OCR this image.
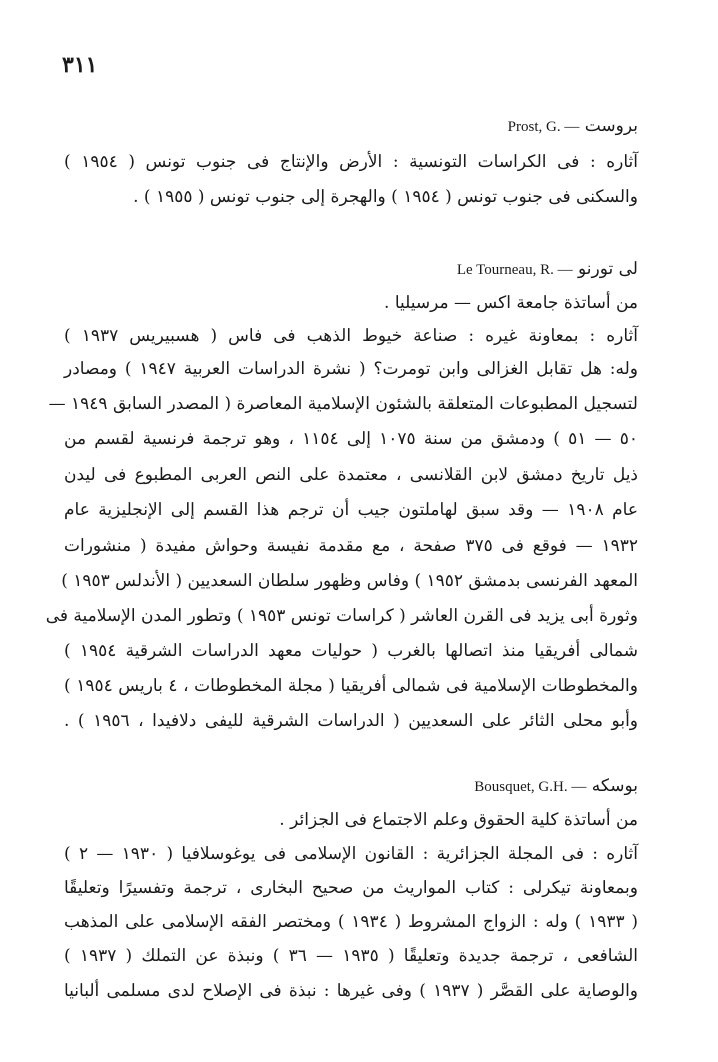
٣١١
بروست Prost, G. —
آثاره : فى الكراسات التونسية : الأرض والإنتاج فى جنوب تونس ( ١٩٥٤ )
والسكنى فى جنوب تونس ( ١٩٥٤ ) والهجرة إلى جنوب تونس ( ١٩٥٥ ) .
لى تورنو Le Tourneau, R. —
من أساتذة جامعة اكس — مرسيليا .
آثاره : بمعاونة غيره : صناعة خيوط الذهب فى فاس ( هسبيريس ١٩٣٧ )
وله: هل تقابل الغزالى وابن تومرت؟ ( نشرة الدراسات العربية ١٩٤٧ ) ومصادر
لتسجيل المطبوعات المتعلقة بالشئون الإسلامية المعاصرة ( المصدر السابق ١٩٤٩ —
٥٠ — ٥١ ) ودمشق من سنة ١٠٧٥ إلى ١١٥٤ ، وهو ترجمة فرنسية لقسم من
ذيل تاريخ دمشق لابن القلانسى ، معتمدة على النص العربى المطبوع فى ليدن
عام ١٩٠٨ — وقد سبق لهاملتون جيب أن ترجم هذا القسم إلى الإنجليزية عام
١٩٣٢ — فوقع فى ٣٧٥ صفحة ، مع مقدمة نفيسة وحواش مفيدة ( منشورات
المعهد الفرنسى بدمشق ١٩٥٢ ) وفاس وظهور سلطان السعديين ( الأندلس ١٩٥٣ )
وثورة أبى يزيد فى القرن العاشر ( كراسات تونس ١٩٥٣ ) وتطور المدن الإسلامية فى
شمالى أفريقيا منذ اتصالها بالغرب ( حوليات معهد الدراسات الشرقية ١٩٥٤ )
والمخطوطات الإسلامية فى شمالى أفريقيا ( مجلة المخطوطات ، ٤ باريس ١٩٥٤ )
وأبو محلى الثائر على السعديين ( الدراسات الشرقية لليفى دلافيدا ، ١٩٥٦ ) .
بوسكه Bousquet, G.H. —
من أساتذة كلية الحقوق وعلم الاجتماع فى الجزائر .
آثاره : فى المجلة الجزائرية : القانون الإسلامى فى يوغوسلافيا ( ١٩٣٠ — ٢ )
وبمعاونة تيكرلى : كتاب المواريث من صحيح البخارى ، ترجمة وتفسيرًا وتعليقًا
( ١٩٣٣ ) وله : الزواج المشروط ( ١٩٣٤ ) ومختصر الفقه الإسلامى على المذهب
الشافعى ، ترجمة جديدة وتعليقًا ( ١٩٣٥ — ٣٦ ) ونبذة عن التملك ( ١٩٣٧ )
والوصاية على القصَّر ( ١٩٣٧ ) وفى غيرها : نبذة فى الإصلاح لدى مسلمى ألبانيا
